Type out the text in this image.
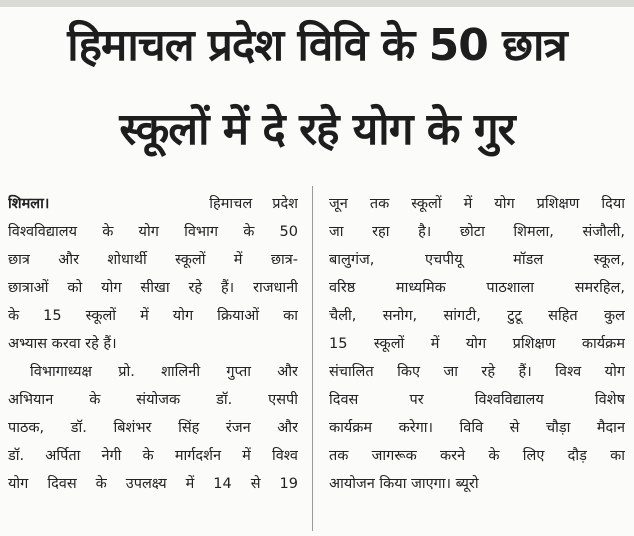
हिमाचल प्रदेश विवि के 50 छात्र
स्कूलों में दे रहे योग के गुर
शिमला।	हिमाचल प्रदेश
विश्वविद्यालय के योग विभाग के 50
छात्र और शोधार्थी स्कूलों में छात्र-
छात्राओं को योग सीखा रहे हैं। राजधानी
के 15 स्कूलों में योग क्रियाओं का
अभ्यास करवा रहे हैं।
विभागाध्यक्ष प्रो. शालिनी गुप्ता और
अभियान के संयोजक डॉ. एसपी
पाठक, डॉ. बिशंभर सिंह रंजन और
डॉ. अर्पिता नेगी के मार्गदर्शन में विश्व
योग दिवस के उपलक्ष्य में 14 से 19
जून तक स्कूलों में योग प्रशिक्षण दिया
जा रहा है। छोटा शिमला, संजौली,
बालुगंज, एचपीयू मॉडल स्कूल,
वरिष्ठ माध्यमिक पाठशाला समरहिल,
चैली, सनोग, सांगटी, टुटू सहित कुल
15 स्कूलों में योग प्रशिक्षण कार्यक्रम
संचालित किए जा रहे हैं। विश्व योग
दिवस पर विश्वविद्यालय विशेष
कार्यक्रम करेगा। विवि से चौड़ा मैदान
तक जागरूक करने के लिए दौड़ का
आयोजन किया जाएगा। ब्यूरो
